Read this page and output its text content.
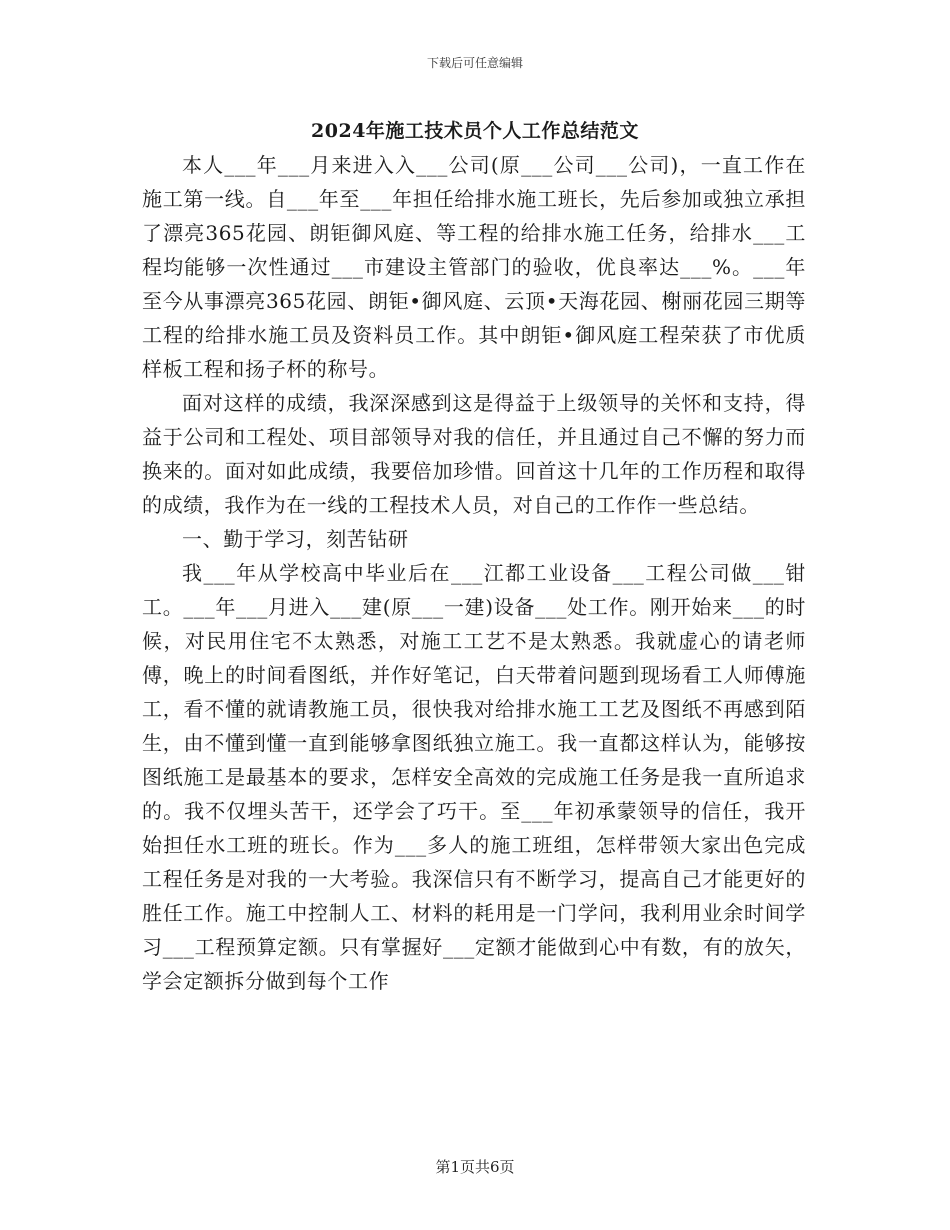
下载后可任意编辑
2024年施工技术员个人工作总结范文

本人___年___月来进入入___公司(原___公司___公司)，一直工作在施工第一线。自___年至___年担任给排水施工班长，先后参加或独立承担了漂亮365花园、朗钜御风庭、等工程的给排水施工任务，给排水___工程均能够一次性通过___市建设主管部门的验收，优良率达___%。___年至今从事漂亮365花园、朗钜•御风庭、云顶•天海花园、榭丽花园三期等工程的给排水施工员及资料员工作。其中朗钜•御风庭工程荣获了市优质样板工程和扬子杯的称号。

面对这样的成绩，我深深感到这是得益于上级领导的关怀和支持，得益于公司和工程处、项目部领导对我的信任，并且通过自己不懈的努力而换来的。面对如此成绩，我要倍加珍惜。回首这十几年的工作历程和取得的成绩，我作为在一线的工程技术人员，对自己的工作作一些总结。

一、勤于学习，刻苦钻研

我___年从学校高中毕业后在___江都工业设备___工程公司做___钳工。___年___月进入___建(原___一建)设备___处工作。刚开始来___的时候，对民用住宅不太熟悉，对施工工艺不是太熟悉。我就虚心的请老师傅，晚上的时间看图纸，并作好笔记，白天带着问题到现场看工人师傅施工，看不懂的就请教施工员，很快我对给排水施工工艺及图纸不再感到陌生，由不懂到懂一直到能够拿图纸独立施工。我一直都这样认为，能够按图纸施工是最基本的要求，怎样安全高效的完成施工任务是我一直所追求的。我不仅埋头苦干，还学会了巧干。至___年初承蒙领导的信任，我开始担任水工班的班长。作为___多人的施工班组，怎样带领大家出色完成工程任务是对我的一大考验。我深信只有不断学习，提高自己才能更好的胜任工作。施工中控制人工、材料的耗用是一门学问，我利用业余时间学习___工程预算定额。只有掌握好___定额才能做到心中有数，有的放矢，学会定额拆分做到每个工作

第1页共6页
